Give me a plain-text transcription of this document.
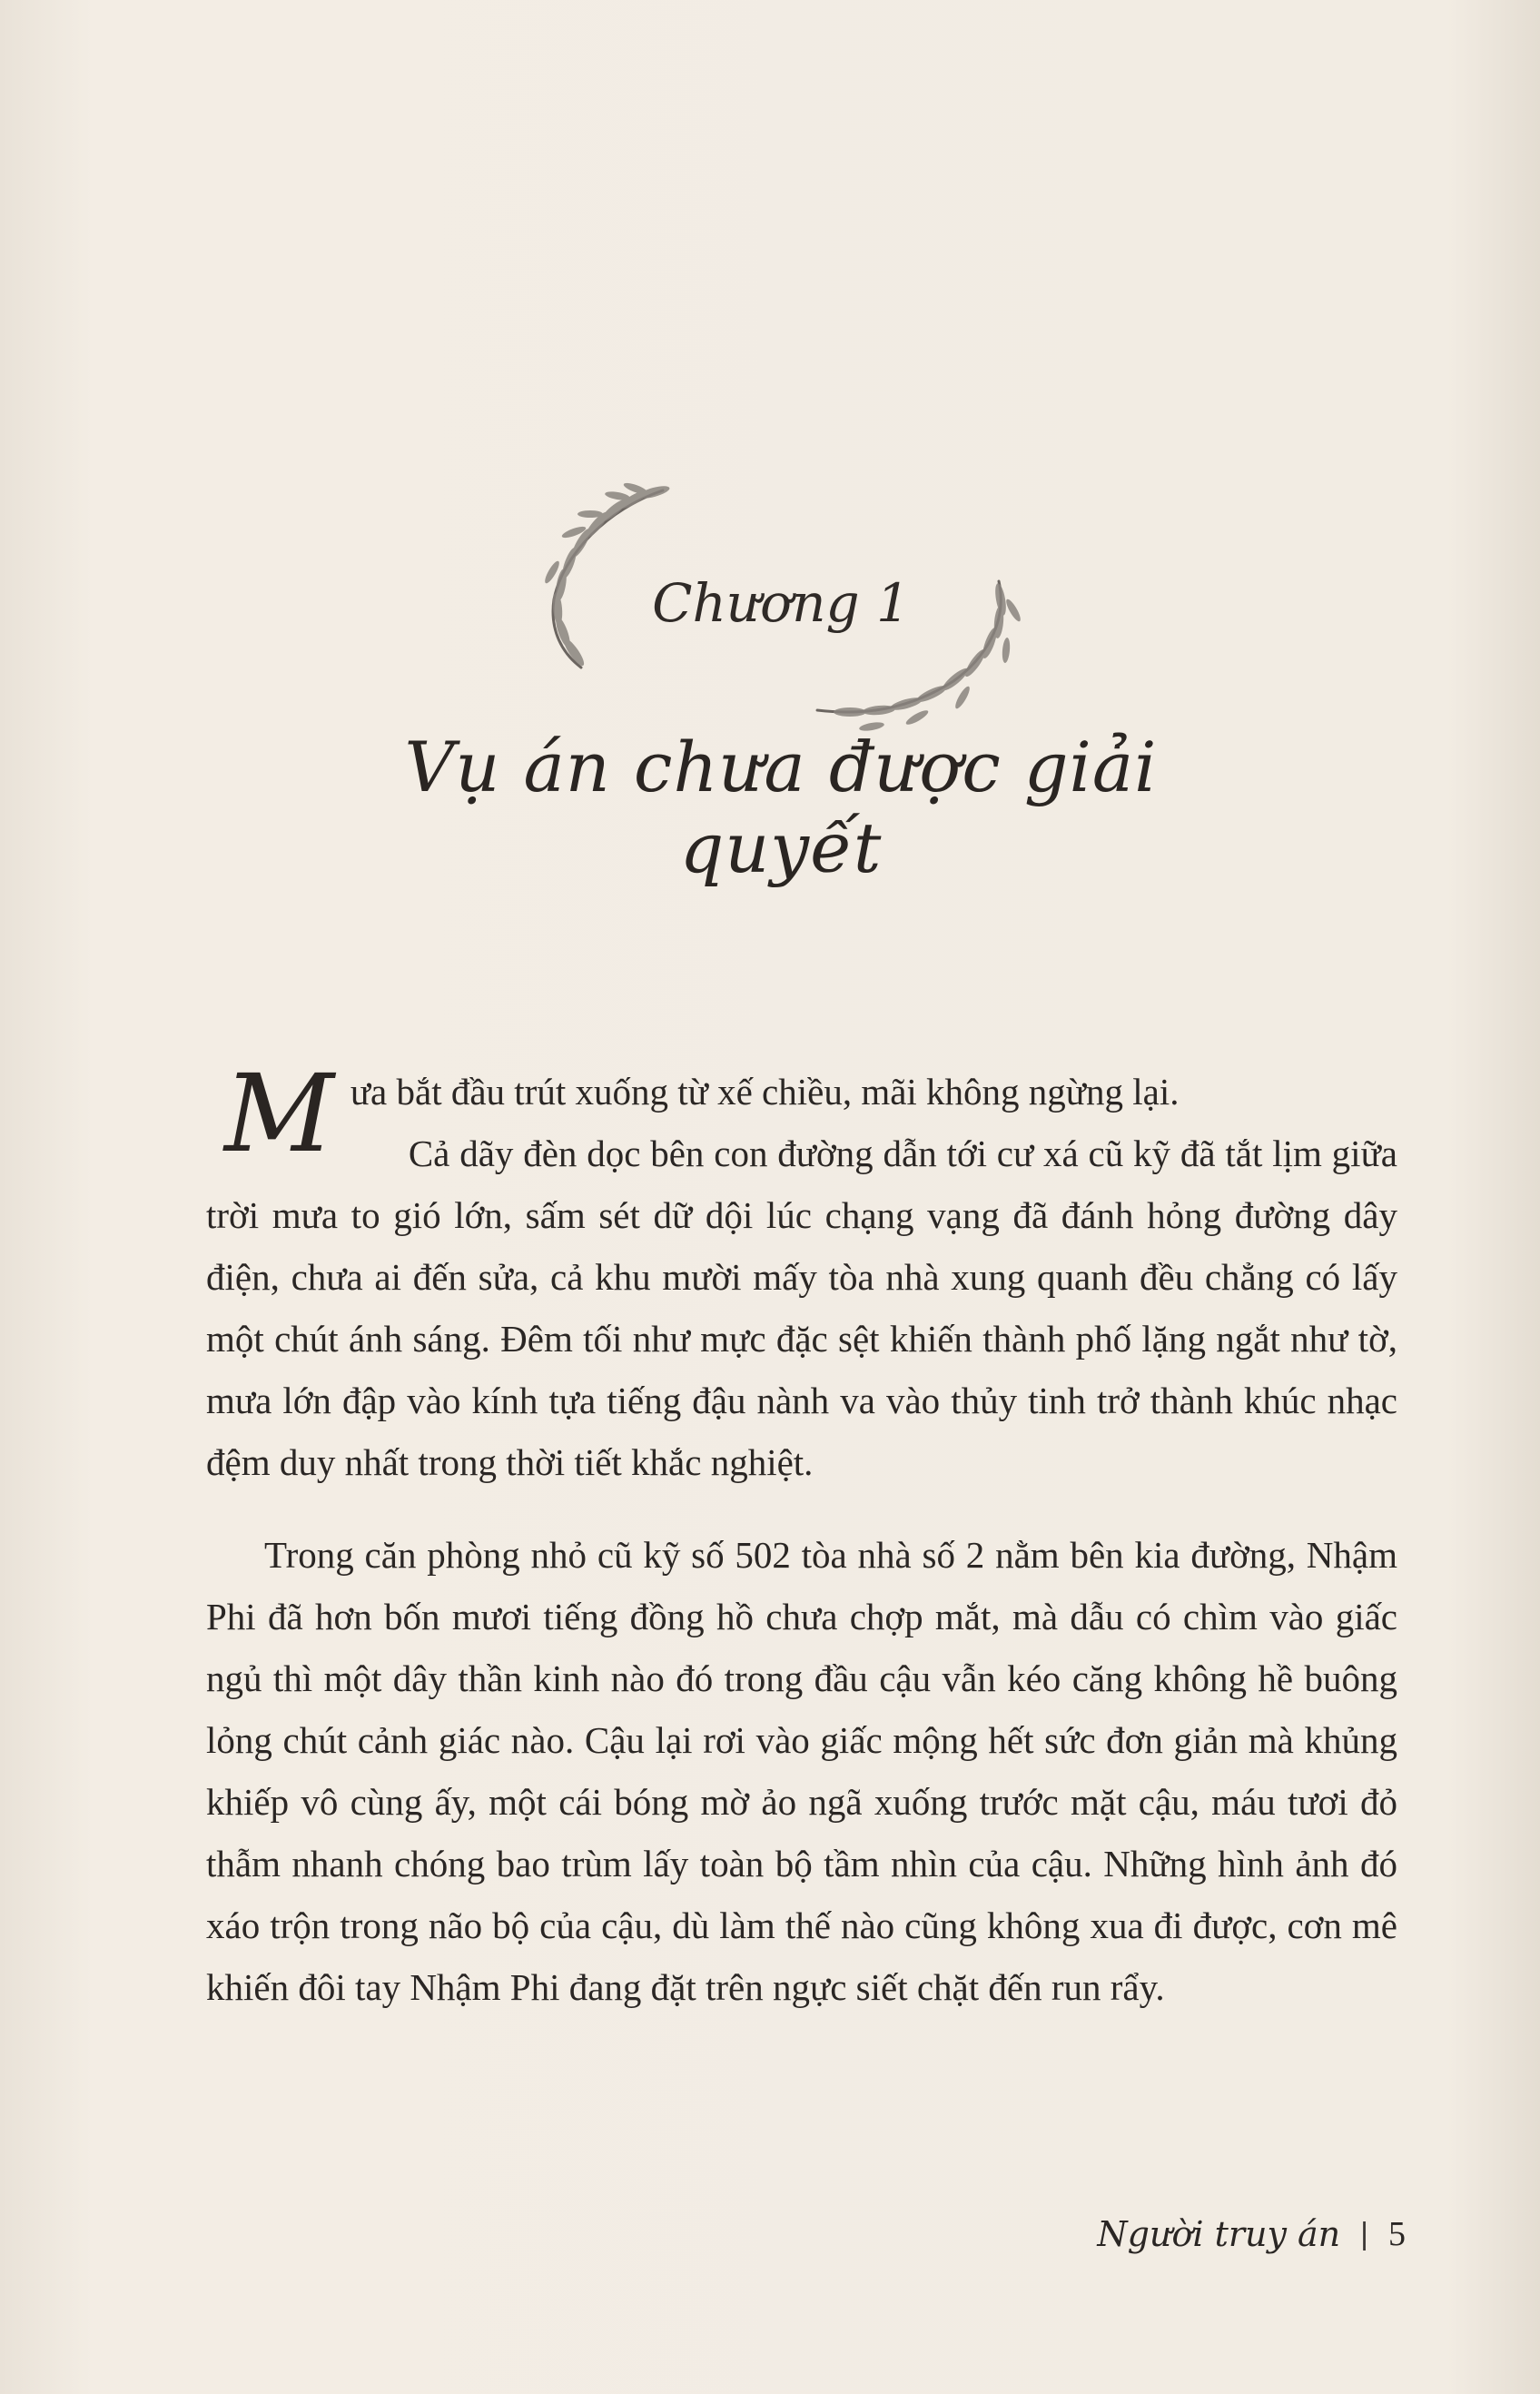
Chương 1
Vụ án chưa được giải quyết

Mưa bắt đầu trút xuống từ xế chiều, mãi không ngừng lại.

Cả dãy đèn dọc bên con đường dẫn tới cư xá cũ kỹ đã tắt lịm giữa trời mưa to gió lớn, sấm sét dữ dội lúc chạng vạng đã đánh hỏng đường dây điện, chưa ai đến sửa, cả khu mười mấy tòa nhà xung quanh đều chẳng có lấy một chút ánh sáng. Đêm tối như mực đặc sệt khiến thành phố lặng ngắt như tờ, mưa lớn đập vào kính tựa tiếng đậu nành va vào thủy tinh trở thành khúc nhạc đệm duy nhất trong thời tiết khắc nghiệt.

Trong căn phòng nhỏ cũ kỹ số 502 tòa nhà số 2 nằm bên kia đường, Nhậm Phi đã hơn bốn mươi tiếng đồng hồ chưa chợp mắt, mà dẫu có chìm vào giấc ngủ thì một dây thần kinh nào đó trong đầu cậu vẫn kéo căng không hề buông lỏng chút cảnh giác nào. Cậu lại rơi vào giấc mộng hết sức đơn giản mà khủng khiếp vô cùng ấy, một cái bóng mờ ảo ngã xuống trước mặt cậu, máu tươi đỏ thẫm nhanh chóng bao trùm lấy toàn bộ tầm nhìn của cậu. Những hình ảnh đó xáo trộn trong não bộ của cậu, dù làm thế nào cũng không xua đi được, cơn mê khiến đôi tay Nhậm Phi đang đặt trên ngực siết chặt đến run rẩy.

Người truy án | 5
